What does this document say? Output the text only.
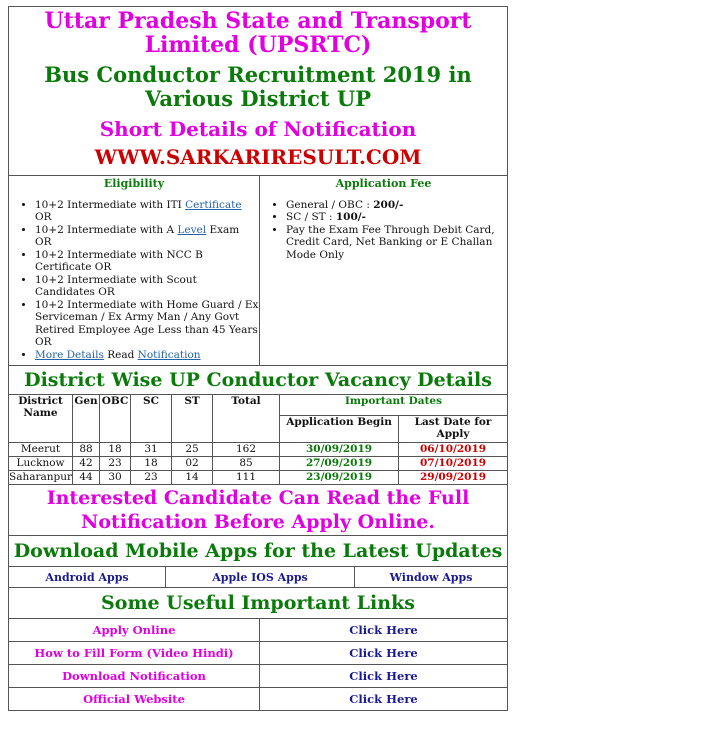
Uttar Pradesh State and Transport Limited (UPSRTC)
Bus Conductor Recruitment 2019 in Various District UP
Short Details of Notification
WWW.SARKARIRESULT.COM
Eligibility
• 10+2 Intermediate with ITI Certificate OR
• 10+2 Intermediate with A Level Exam OR
• 10+2 Intermediate with NCC B Certificate OR
• 10+2 Intermediate with Scout Candidates OR
• 10+2 Intermediate with Home Guard / Ex Serviceman / Ex Army Man / Any Govt Retired Employee Age Less than 45 Years OR
• More Details Read Notification

Application Fee
• General / OBC : 200/-
• SC / ST : 100/-
• Pay the Exam Fee Through Debit Card, Credit Card, Net Banking or E Challan Mode Only
District Wise UP Conductor Vacancy Details
District Name	Gen	OBC	SC	ST	Total	Important Dates	
						Application Begin	Last Date for Apply
Meerut	88	18	31	25	162	30/09/2019	06/10/2019
Lucknow	42	23	18	02	85	27/09/2019	07/10/2019
Saharanpur	44	30	23	14	111	23/09/2019	29/09/2019
Interested Candidate Can Read the Full Notification Before Apply Online.
Download Mobile Apps for the Latest Updates
Android Apps	Apple IOS Apps	Window Apps
Some Useful Important Links
Apply Online	Click Here
How to Fill Form (Video Hindi)	Click Here
Download Notification	Click Here
Official Website	Click Here
